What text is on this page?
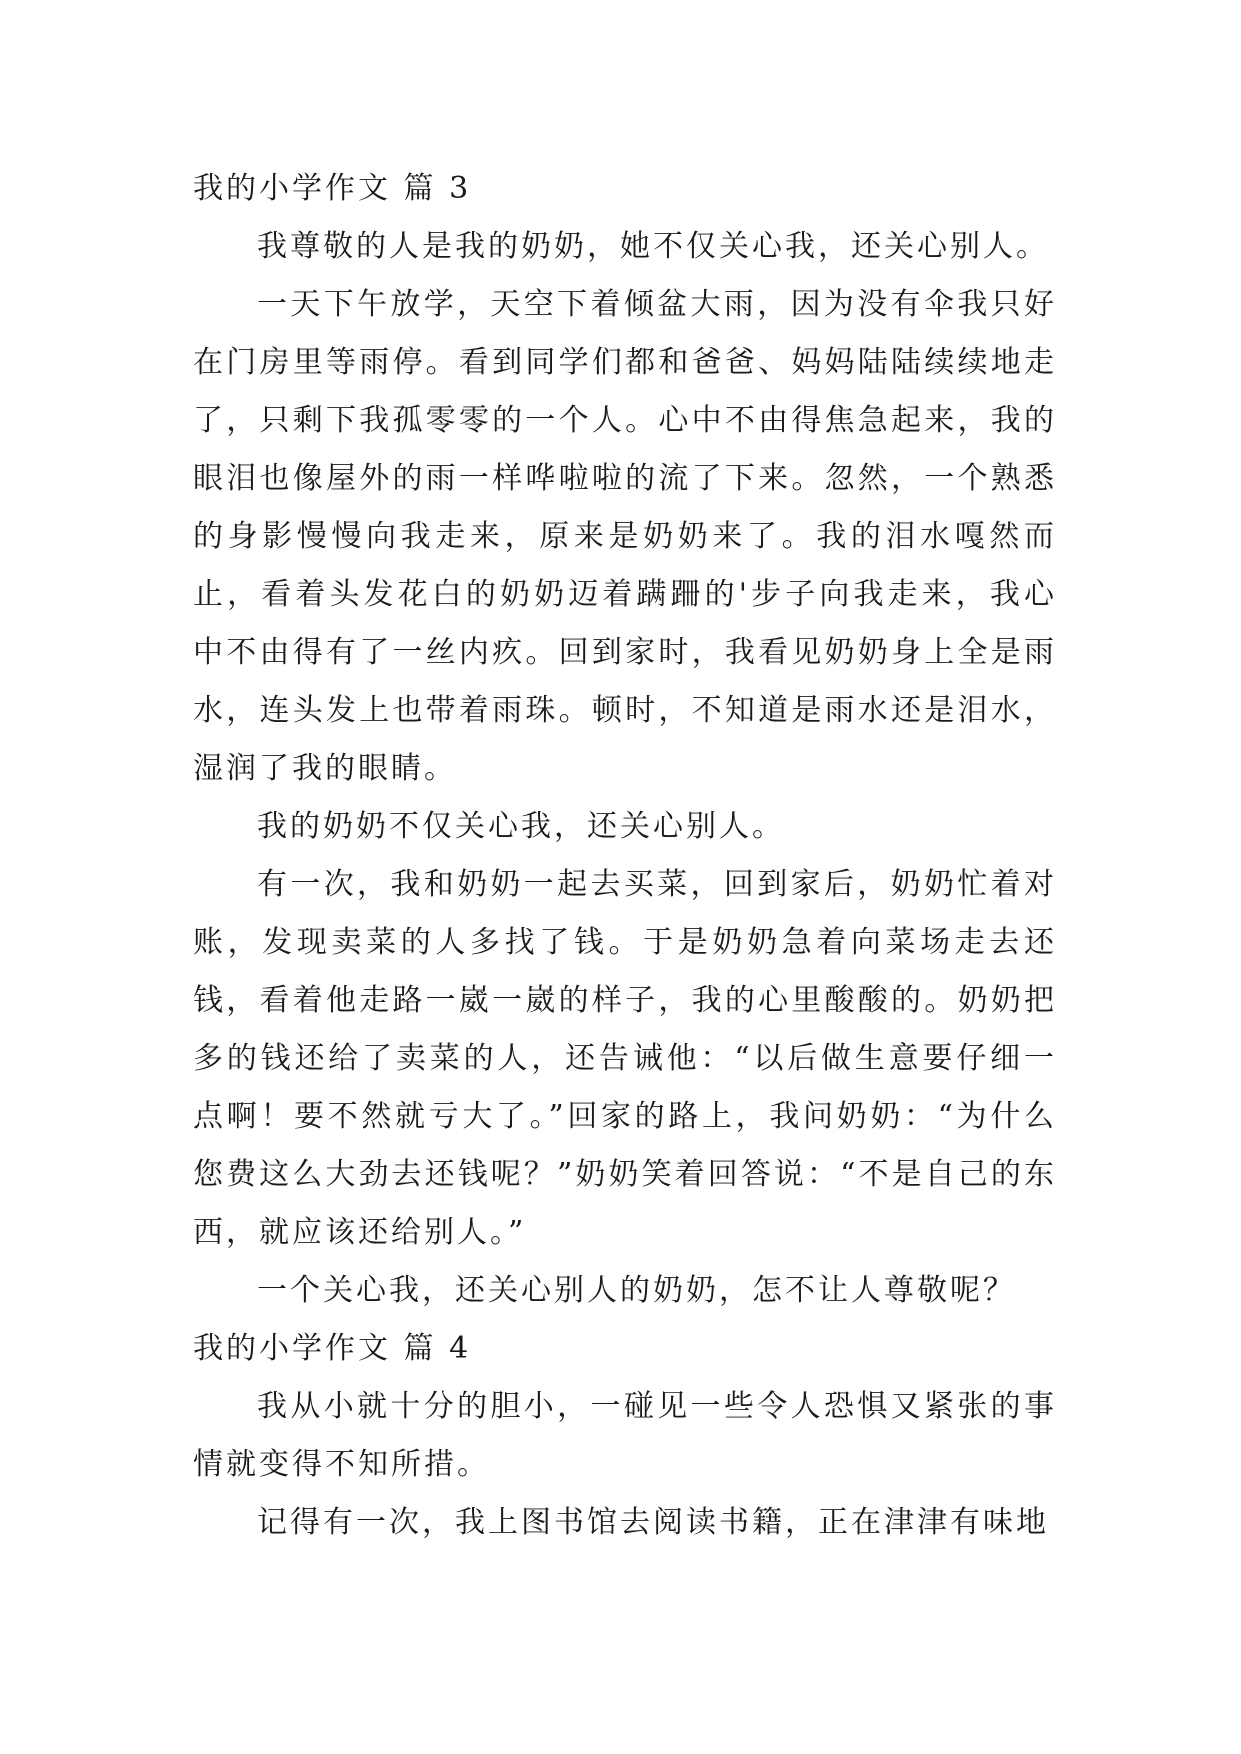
我的小学作文 篇 3

我尊敬的人是我的奶奶，她不仅关心我，还关心别人。

一天下午放学，天空下着倾盆大雨，因为没有伞我只好在门房里等雨停。看到同学们都和爸爸、妈妈陆陆续续地走了，只剩下我孤零零的一个人。心中不由得焦急起来，我的眼泪也像屋外的雨一样哗啦啦的流了下来。忽然，一个熟悉的身影慢慢向我走来，原来是奶奶来了。我的泪水嘎然而止，看着头发花白的奶奶迈着蹒跚的'步子向我走来，我心中不由得有了一丝内疚。回到家时，我看见奶奶身上全是雨水，连头发上也带着雨珠。顿时，不知道是雨水还是泪水，湿润了我的眼睛。

我的奶奶不仅关心我，还关心别人。

有一次，我和奶奶一起去买菜，回到家后，奶奶忙着对账，发现卖菜的人多找了钱。于是奶奶急着向菜场走去还钱，看着他走路一崴一崴的样子，我的心里酸酸的。奶奶把多的钱还给了卖菜的人，还告诫他：“以后做生意要仔细一点啊！要不然就亏大了。”回家的路上，我问奶奶：“为什么您费这么大劲去还钱呢？”奶奶笑着回答说：“不是自己的东西，就应该还给别人。”

一个关心我，还关心别人的奶奶，怎不让人尊敬呢？

我的小学作文 篇 4

我从小就十分的胆小，一碰见一些令人恐惧又紧张的事情就变得不知所措。

记得有一次，我上图书馆去阅读书籍，正在津津有味地
